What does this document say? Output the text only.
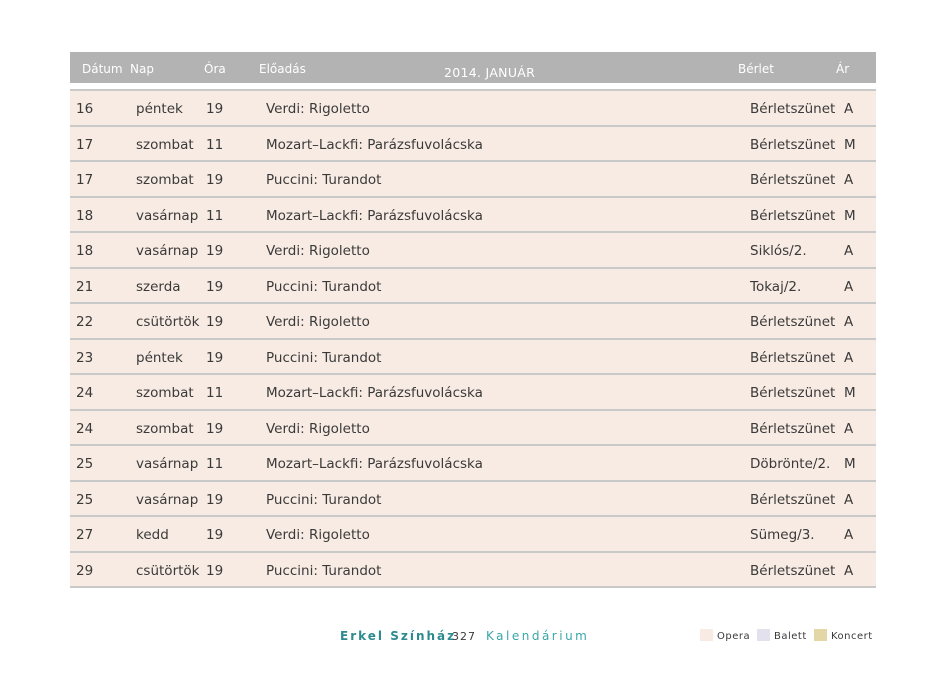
Dátum Nap	Óra	Előadás	2014. JANUÁR	Bérlet	Ár
16	péntek 19	Verdi: Rigoletto	Bérletszünet A
17	szombat 11	Mozart–Lackfi: Parázsfuvolácska	Bérletszünet M
17	szombat 19	Puccini: Turandot	Bérletszünet A
18	vasárnap 11	Mozart–Lackfi: Parázsfuvolácska	Bérletszünet M
18	vasárnap 19	Verdi: Rigoletto	Siklós/2.	A
21	szerda 19	Puccini: Turandot	Tokaj/2.	A
22	csütörtök 19	Verdi: Rigoletto	Bérletszünet A
23	péntek 19	Puccini: Turandot	Bérletszünet A
24	szombat 11	Mozart–Lackfi: Parázsfuvolácska	Bérletszünet M
24	szombat 19	Verdi: Rigoletto	Bérletszünet A
25	vasárnap 11	Mozart–Lackfi: Parázsfuvolácska	Döbrönte/2. M
25	vasárnap 19	Puccini: Turandot	Bérletszünet A
27	kedd	19	Verdi: Rigoletto	Sümeg/3. A
29	csütörtök 19	Puccini: Turandot	Bérletszünet A
Erkel Színház
327 Kalendárium	Opera Balett Koncert
